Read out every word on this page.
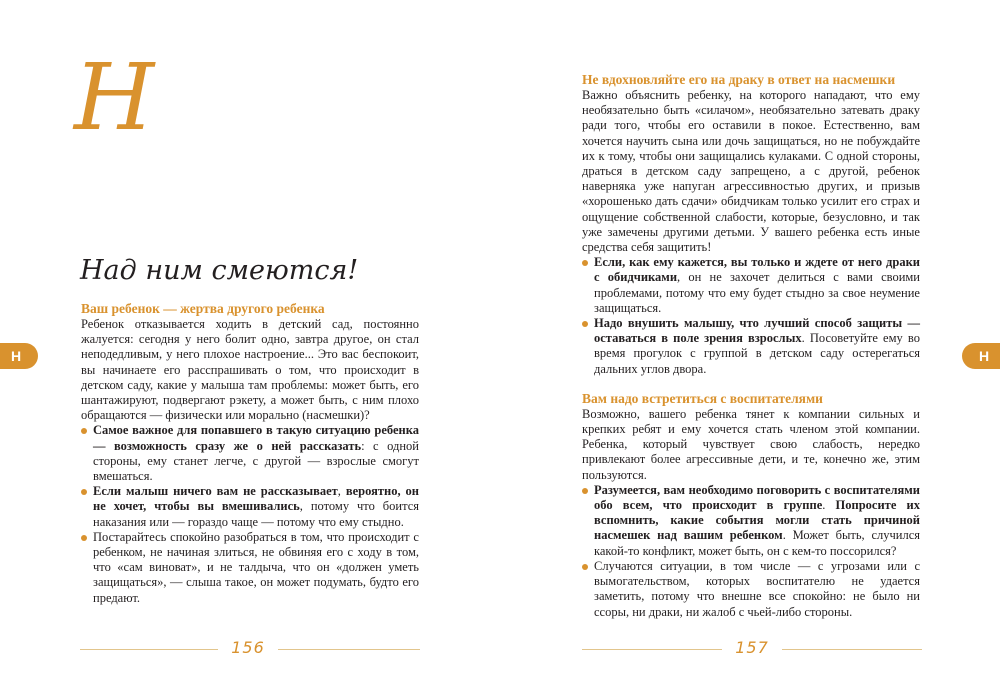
Н
Над ним смеются!
Н
Ваш ребенок — жертва другого ребенка

Ребенок отказывается ходить в детский сад, постоянно жалуется: сегодня у него болит одно, завтра другое, он стал неподедливым, у него плохое настроение... Это вас беспокоит, вы начинаете его расспрашивать о том, что происходит в детском саду, какие у малыша там проблемы: может быть, его шантажируют, подвергают рэкету, а может быть, с ним плохо обращаются — физически или морально (насмешки)?

Самое важное для попавшего в такую ситуацию ребенка — возможность сразу же о ней рассказать: с одной стороны, ему станет легче, с другой — взрослые смогут вмешаться.
Если малыш ничего вам не рассказывает, вероятно, он не хочет, чтобы вы вмешивались, потому что боится наказания или — гораздо чаще — потому что ему стыдно.
Постарайтесь спокойно разобраться в том, что происходит с ребенком, не начиная злиться, не обвиняя его с ходу в том, что «сам виноват», и не талдыча, что он «должен уметь защищаться», — слыша такое, он может подумать, будто его предают.
156
Н
Не вдохновляйте его на драку в ответ на насмешки

Важно объяснить ребенку, на которого нападают, что ему необязательно быть «силачом», необязательно затевать драку ради того, чтобы его оставили в покое. Естественно, вам хочется научить сына или дочь защищаться, но не побуждайте их к тому, чтобы они защищались кулаками. С одной стороны, драться в детском саду запрещено, а с другой, ребенок наверняка уже напуган агрессивностью других, и призыв «хорошенько дать сдачи» обидчикам только усилит его страх и ощущение собственной слабости, которые, безусловно, и так уже замечены другими детьми. У вашего ребенка есть иные средства себя защитить!

Если, как ему кажется, вы только и ждете от него драки с обидчиками, он не захочет делиться с вами своими проблемами, потому что ему будет стыдно за свое неумение защищаться.
Надо внушить малышу, что лучший способ защиты — оставаться в поле зрения взрослых. Посоветуйте ему во время прогулок с группой в детском саду остерегаться дальних углов двора.
Вам надо встретиться с воспитателями

Возможно, вашего ребенка тянет к компании сильных и крепких ребят и ему хочется стать членом этой компании. Ребенка, который чувствует свою слабость, нередко привлекают более агрессивные дети, и те, конечно же, этим пользуются.

Разумеется, вам необходимо поговорить с воспитателями обо всем, что происходит в группе. Попросите их вспомнить, какие события могли стать причиной насмешек над вашим ребенком. Может быть, случился какой-то конфликт, может быть, он с кем-то поссорился?
Случаются ситуации, в том числе — с угрозами или с вымогательством, которых воспитателю не удается заметить, потому что внешне все спокойно: не было ни ссоры, ни драки, ни жалоб с чьей-либо стороны.
157
